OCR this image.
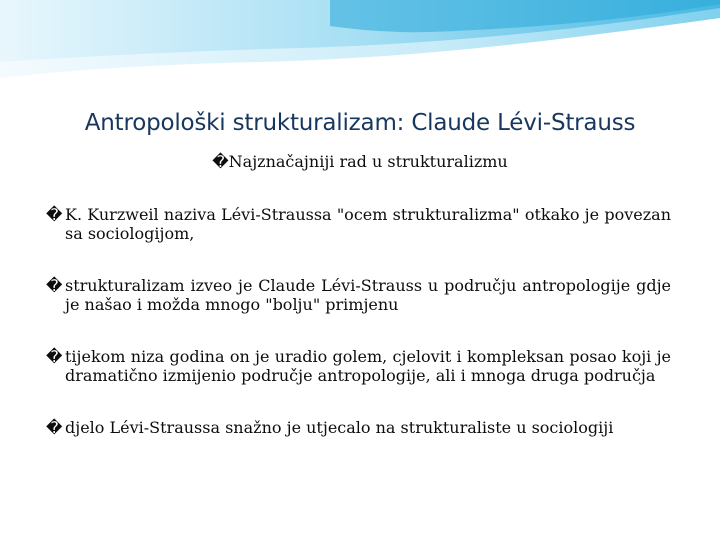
Antropološki strukturalizam: Claude Lévi-Strauss
�Najznačajniji rad u strukturalizmu
� K. Kurzweil naziva Lévi-Straussa "ocem strukturalizma" otkako je povezan sa sociologijom,
� strukturalizam izveo je Claude Lévi-Strauss u području antropologije gdje je našao i možda mnogo "bolju" primjenu
� tijekom niza godina on je uradio golem, cjelovit i kompleksan posao koji je dramatično izmijenio područje antropologije, ali i mnoga druga područja
� djelo Lévi-Straussa snažno je utjecalo na strukturaliste u sociologiji
